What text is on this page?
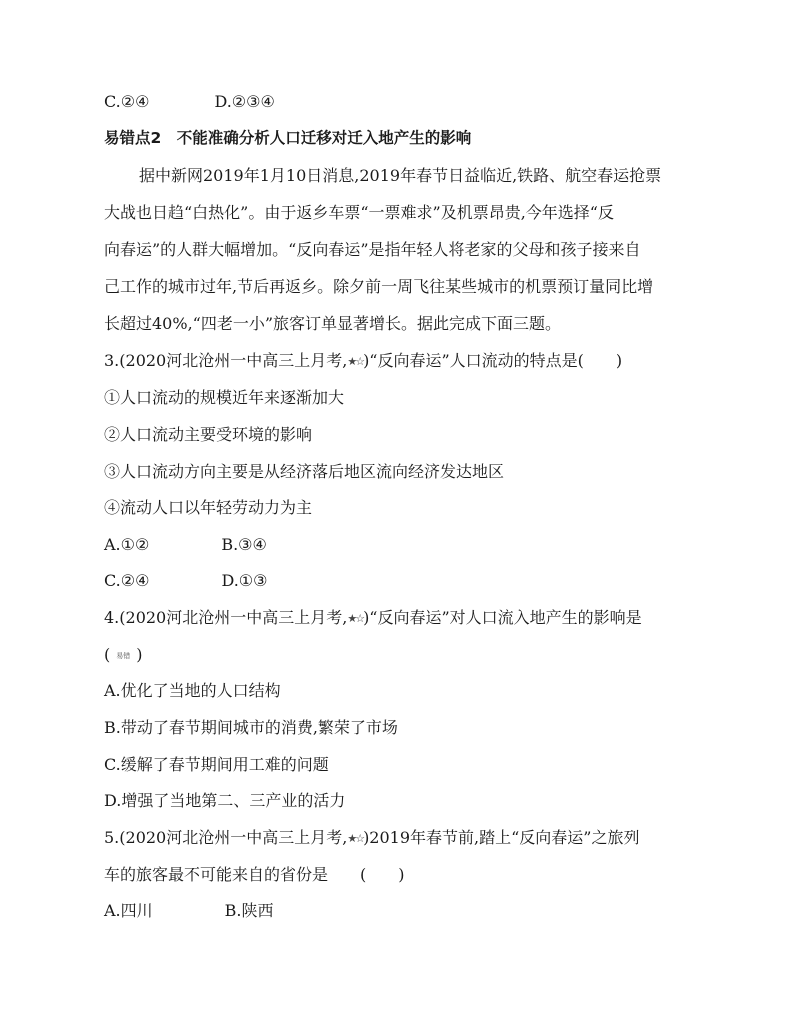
C.②④	D.②③④
易错点2　不能准确分析人口迁移对迁入地产生的影响
据中新网2019年1月10日消息,2019年春节日益临近,铁路、航空春运抢票
大战也日趋“白热化”。由于返乡车票“一票难求”及机票昂贵,今年选择“反
向春运”的人群大幅增加。“反向春运”是指年轻人将老家的父母和孩子接来自
己工作的城市过年,节后再返乡。除夕前一周飞往某些城市的机票预订量同比增
长超过40%,“四老一小”旅客订单显著增长。据此完成下面三题。
3.(2020河北沧州一中高三上月考,★☆)“反向春运”人口流动的特点是(　　)
①人口流动的规模近年来逐渐加大
②人口流动主要受环境的影响
③人口流动方向主要是从经济落后地区流向经济发达地区
④流动人口以年轻劳动力为主
A.①②	B.③④
C.②④	D.①③
4.(2020河北沧州一中高三上月考,★☆)“反向春运”对人口流入地产生的影响是
( 易错 )
A.优化了当地的人口结构
B.带动了春节期间城市的消费,繁荣了市场
C.缓解了春节期间用工难的问题
D.增强了当地第二、三产业的活力
5.(2020河北沧州一中高三上月考,★☆)2019年春节前,踏上“反向春运”之旅列
车的旅客最不可能来自的省份是　　(　　)
A.四川	B.陕西
